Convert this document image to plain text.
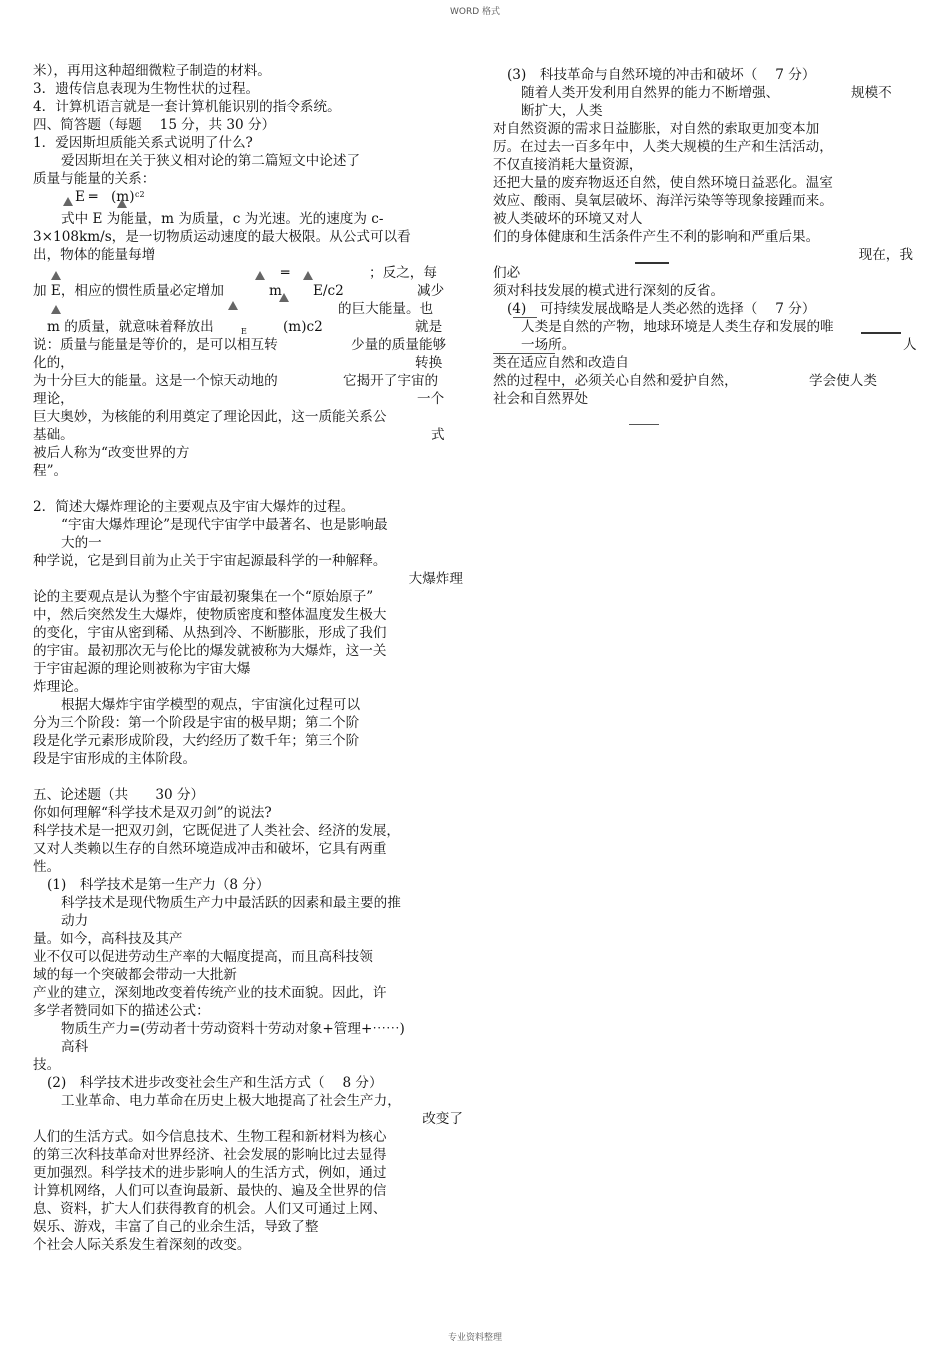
WORD 格式
米），再用这种超细微粒子制造的材料。
3．遗传信息表现为生物性状的过程。
4．计算机语言就是一套计算机能识别的指令系统。
四、简答题（每题　 15 分，共 30 分）
1．爱因斯坦质能关系式说明了什么?
爱因斯坦在关于狭义相对论的第二篇短文中论述了
质量与能量的关系：
E ═ (m) c2
式中 E 为能量，m 为质量，c 为光速。光的速度为 c-
3×108km/s，是一切物质运动速度的最大极限。从公式可以看
出，物体的能量每增
═	；反之，每
加 E，相应的惯性质量必定增加	m E/c2	减少
的巨大能量。也
m 的质量，就意味着释放出	E	(m)c2	就是
说：质量与能量是等价的，是可以相互转	少量的质量能够
化的，	转换
为十分巨大的能量。这是一个惊天动地的	它揭开了宇宙的
理论，	一个
巨大奥妙，为核能的利用奠定了理论因此，这一质能关系公
基础。	式
被后人称为“改变世界的方
程”。
2．简述大爆炸理论的主要观点及宇宙大爆炸的过程。
“宇宙大爆炸理论”是现代宇宙学中最著名、也是影响最
大的一
种学说，它是到目前为止关于宇宙起源最科学的一种解释。
大爆炸理
论的主要观点是认为整个宇宙最初聚集在一个“原始原子”
中，然后突然发生大爆炸，使物质密度和整体温度发生极大
的变化，宇宙从密到稀、从热到冷、不断膨胀，形成了我们
的宇宙。最初那次无与伦比的爆发就被称为大爆炸，这一关
于宇宙起源的理论则被称为宇宙大爆
炸理论。
根据大爆炸宇宙学模型的观点，宇宙演化过程可以
分为三个阶段：第一个阶段是宇宙的极早期；第二个阶
段是化学元素形成阶段，大约经历了数千年；第三个阶
段是宇宙形成的主体阶段。
五、论述题（共　　30 分）
你如何理解“科学技术是双刃剑”的说法?
科学技术是一把双刃剑，它既促进了人类社会、经济的发展，
又对人类赖以生存的自然环境造成冲击和破坏，它具有两重
性。
(1)　科学技术是第一生产力（8 分）
科学技术是现代物质生产力中最活跃的因素和最主要的推
动力
量。如今，高科技及其产
业不仅可以促进劳动生产率的大幅度提高，而且高科技领
域的每一个突破都会带动一大批新
产业的建立，深刻地改变着传统产业的技术面貌。因此，许
多学者赞同如下的描述公式：
物质生产力=(劳动者十劳动资料十劳动对象+管理+⋯⋯)
高科
技。
(2)　科学技术进步改变社会生产和生活方式（　 8 分）
工业革命、电力革命在历史上极大地提高了社会生产力，
改变了
人们的生活方式。如今信息技术、生物工程和新材料为核心
的第三次科技革命对世界经济、社会发展的影响比过去显得
更加强烈。科学技术的进步影响人的生活方式，例如，通过
计算机网络，人们可以查询最新、最快的、遍及全世界的信
息、资料，扩大人们获得教育的机会。人们又可通过上网、
娱乐、游戏，丰富了自己的业余生活，导致了整
个社会人际关系发生着深刻的改变。
(3)　科技革命与自然环境的冲击和破坏（　 7 分）
随着人类开发利用自然界的能力不断增强、	规模不
断扩大，人类
对自然资源的需求日益膨胀，对自然的索取更加变本加
厉。在过去一百多年中，人类大规模的生产和生活活动，
不仅直接消耗大量资源，
还把大量的废弃物返还自然，使自然环境日益恶化。温室
效应、酸雨、臭氧层破坏、海洋污染等等现象接踵而来。
被人类破坏的环境又对人
们的身体健康和生活条件产生不利的影响和严重后果。
现在，我
们必
须对科技发展的模式进行深刻的反省。
(4)　可持续发展战略是人类必然的选择（　 7 分）
人类是自然的产物，地球环境是人类生存和发展的唯
一场所。	人
类在适应自然和改造自
然的过程中，必须关心自然和爱护自然，	学会使人类
社会和自然界处
专业资料整理
